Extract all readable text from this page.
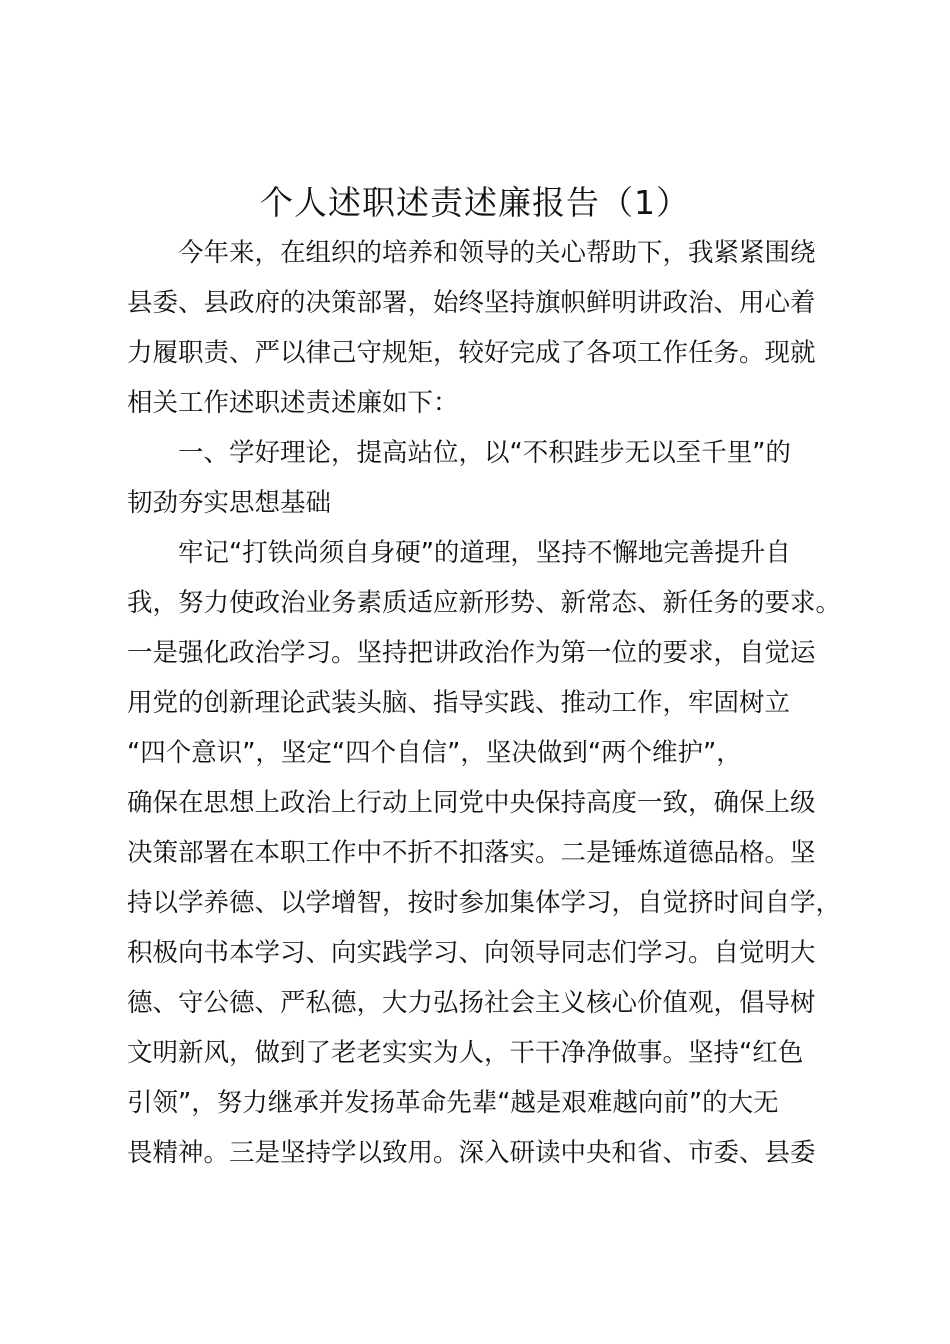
个人述职述责述廉报告（1）
今年来，在组织的培养和领导的关心帮助下，我紧紧围绕
县委、县政府的决策部署，始终坚持旗帜鲜明讲政治、用心着
力履职责、严以律己守规矩，较好完成了各项工作任务。现就
相关工作述职述责述廉如下：
一、学好理论，提高站位，以“不积跬步无以至千里”的
韧劲夯实思想基础
牢记“打铁尚须自身硬”的道理，坚持不懈地完善提升自
我，努力使政治业务素质适应新形势、新常态、新任务的要求。
一是强化政治学习。坚持把讲政治作为第一位的要求，自觉运
用党的创新理论武装头脑、指导实践、推动工作，牢固树立
“四个意识”，坚定“四个自信”，坚决做到“两个维护”，
确保在思想上政治上行动上同党中央保持高度一致，确保上级
决策部署在本职工作中不折不扣落实。二是锤炼道德品格。坚
持以学养德、以学增智，按时参加集体学习，自觉挤时间自学，
积极向书本学习、向实践学习、向领导同志们学习。自觉明大
德、守公德、严私德，大力弘扬社会主义核心价值观，倡导树
文明新风，做到了老老实实为人，干干净净做事。坚持“红色
引领”，努力继承并发扬革命先辈“越是艰难越向前”的大无
畏精神。三是坚持学以致用。深入研读中央和省、市委、县委
